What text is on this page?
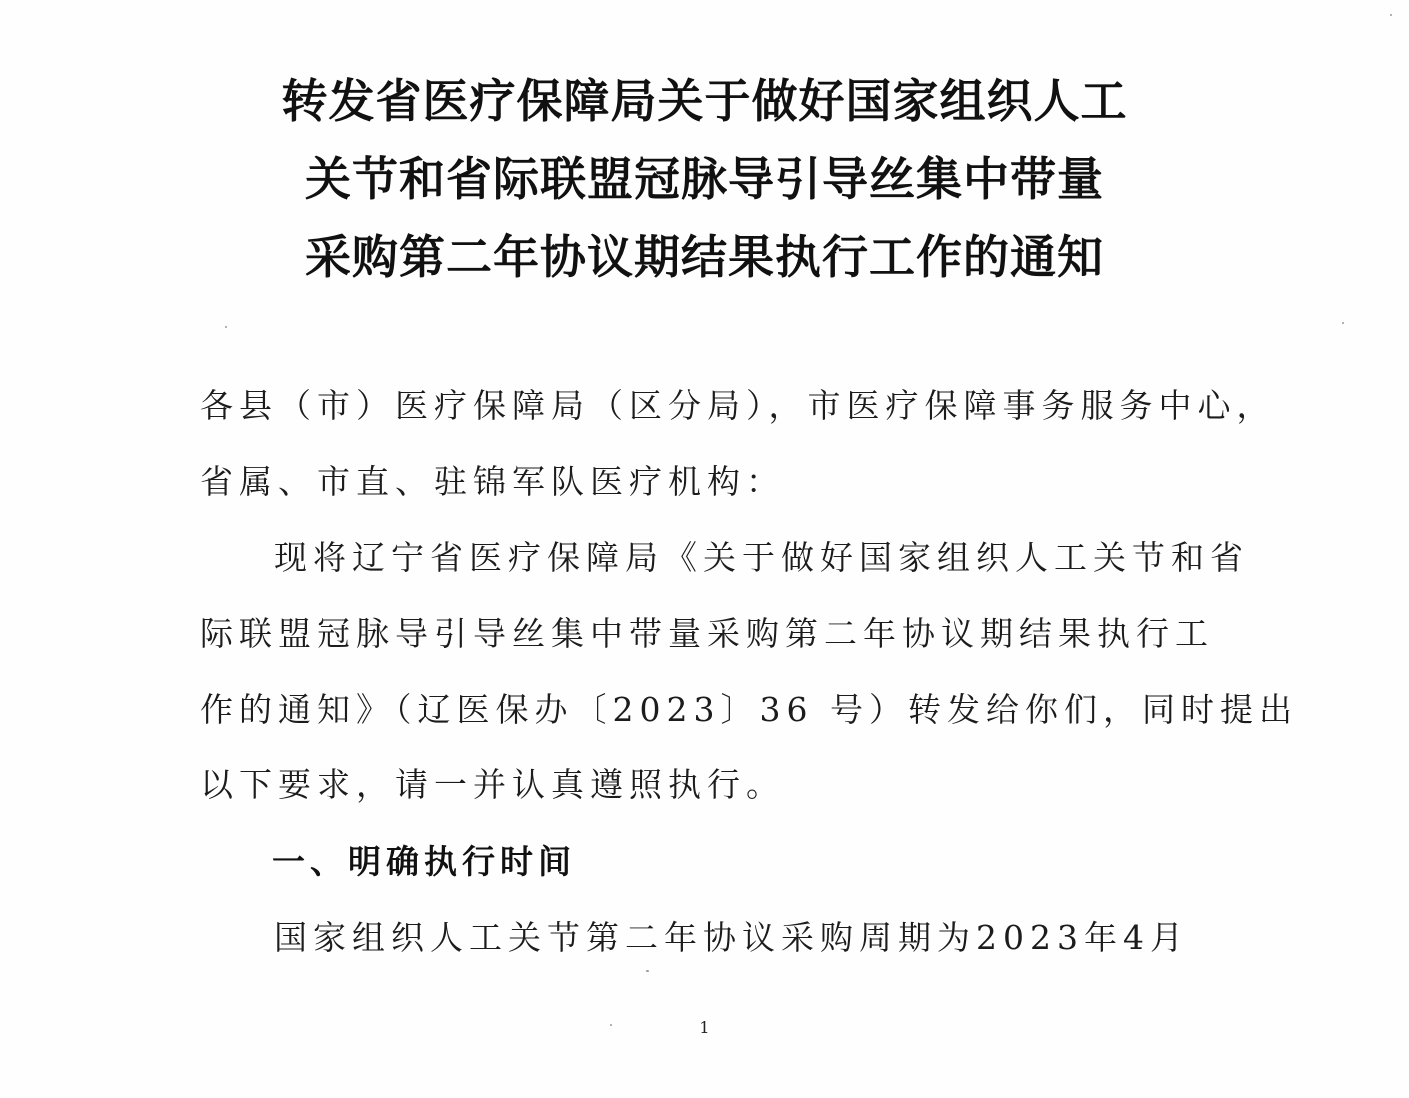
转发省医疗保障局关于做好国家组织人工
关节和省际联盟冠脉导引导丝集中带量
采购第二年协议期结果执行工作的通知
各县（市）医疗保障局（区分局），市医疗保障事务服务中心，
省属、市直、驻锦军队医疗机构：
现将辽宁省医疗保障局《关于做好国家组织人工关节和省
际联盟冠脉导引导丝集中带量采购第二年协议期结果执行工
作的通知》（辽医保办〔2023〕36 号）转发给你们，同时提出
以下要求，请一并认真遵照执行。
一、明确执行时间
国家组织人工关节第二年协议采购周期为2023年4月
1
